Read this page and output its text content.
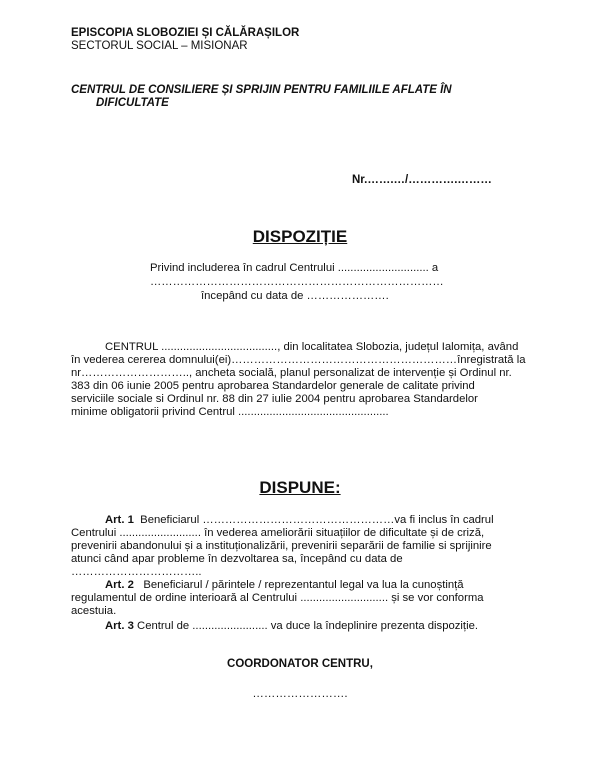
EPISCOPIA SLOBOZIEI ȘI CĂLĂRAȘILOR
SECTORUL SOCIAL – MISIONAR
CENTRUL DE CONSILIERE ȘI SPRIJIN PENTRU FAMILIILE AFLATE ÎN
DIFICULTATE
Nr.…….…/………….………
DISPOZIȚIE
Privind includerea în cadrul Centrului ............................. a
……………………………………………………………………
începând cu data de ………………….
CENTRUL ....................................., din localitatea Slobozia, județul Ialomița, având
în vederea cererea domnului(ei)……………………………………………………înregistrată la
nr……………………….., ancheta socială, planul personalizat de intervenție și Ordinul nr.
383 din 06 iunie 2005 pentru aprobarea Standardelor generale de calitate privind
serviciile sociale si Ordinul nr. 88 din 27 iulie 2004 pentru aprobarea Standardelor
minime obligatorii privind Centrul ................................................
DISPUNE:
Art. 1 Beneficiarul ……………………………………………va fi inclus în cadrul
Centrului .......................... în vederea ameliorării situațiilor de dificultate și de criză,
prevenirii abandonului și a instituționalizării, prevenirii separării de familie si sprijinire
atunci când apar probleme în dezvoltarea sa, începând cu data de
……………………………..
Art. 2 Beneficiarul / părintele / reprezentantul legal va lua la cunoștință
regulamentul de ordine interioară al Centrului ............................ și se vor conforma
acestuia.
Art. 3 Centrul de ........................ va duce la îndeplinire prezenta dispoziție.
COORDONATOR CENTRU,
…………………….
